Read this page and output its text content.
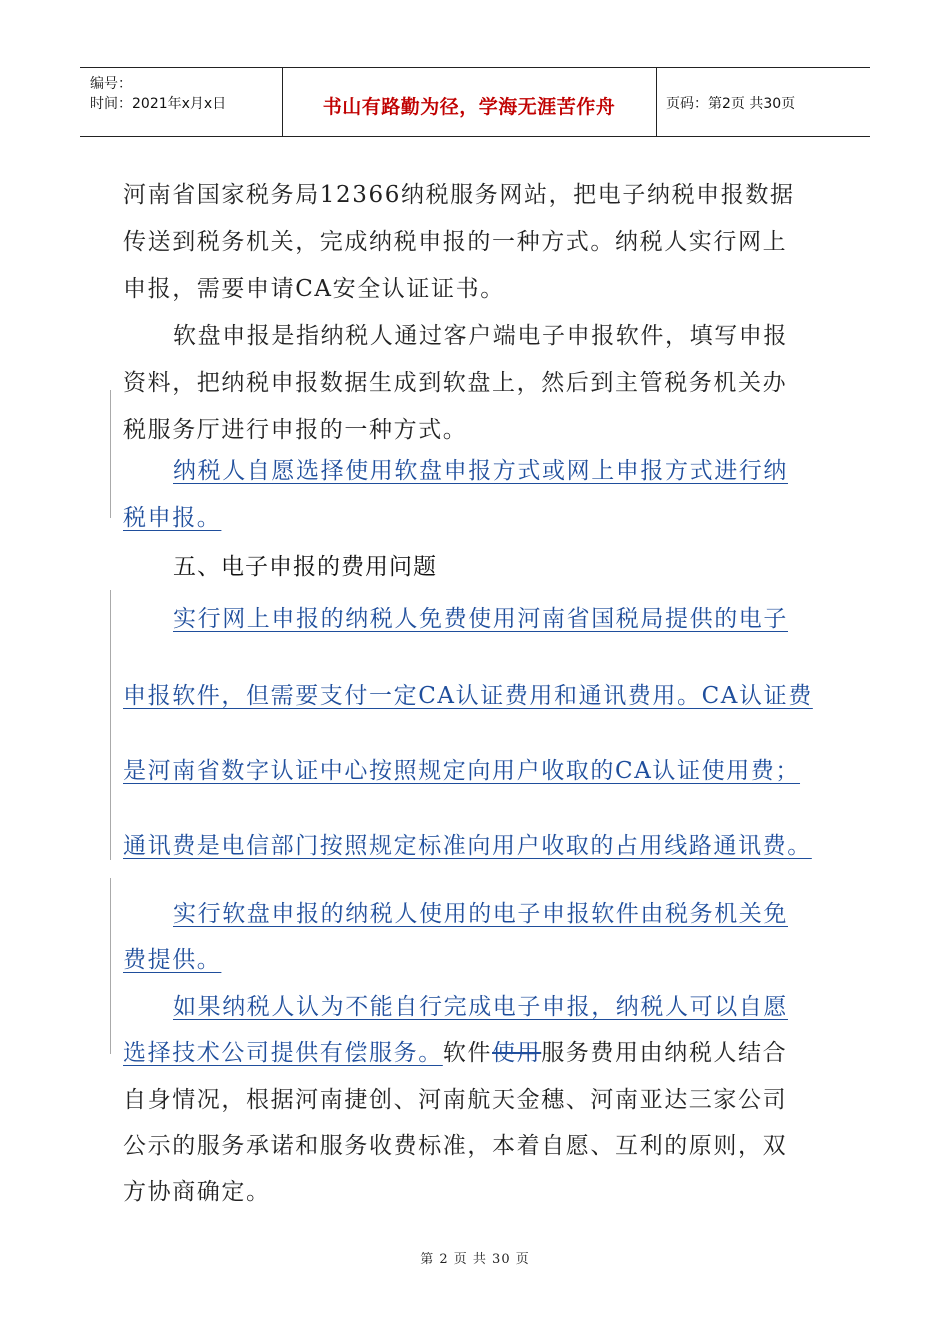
编号：
时间：2021年x月x日	书山有路勤为径，学海无涯苦作舟	页码：第2页 共30页
河南省国家税务局12366纳税服务网站，把电子纳税申报数据
传送到税务机关，完成纳税申报的一种方式。纳税人实行网上
申报，需要申请CA安全认证证书。
软盘申报是指纳税人通过客户端电子申报软件，填写申报
资料，把纳税申报数据生成到软盘上，然后到主管税务机关办
税服务厅进行申报的一种方式。
纳税人自愿选择使用软盘申报方式或网上申报方式进行纳
税申报。
五、电子申报的费用问题
实行网上申报的纳税人免费使用河南省国税局提供的电子
申报软件，但需要支付一定CA认证费用和通讯费用。CA认证费
是河南省数字认证中心按照规定向用户收取的CA认证使用费；
通讯费是电信部门按照规定标准向用户收取的占用线路通讯费。
实行软盘申报的纳税人使用的电子申报软件由税务机关免
费提供。
如果纳税人认为不能自行完成电子申报，纳税人可以自愿
选择技术公司提供有偿服务。软件使用服务费用由纳税人结合
自身情况，根据河南捷创、河南航天金穗、河南亚达三家公司
公示的服务承诺和服务收费标准，本着自愿、互利的原则，双
方协商确定。
第 2 页 共 30 页
